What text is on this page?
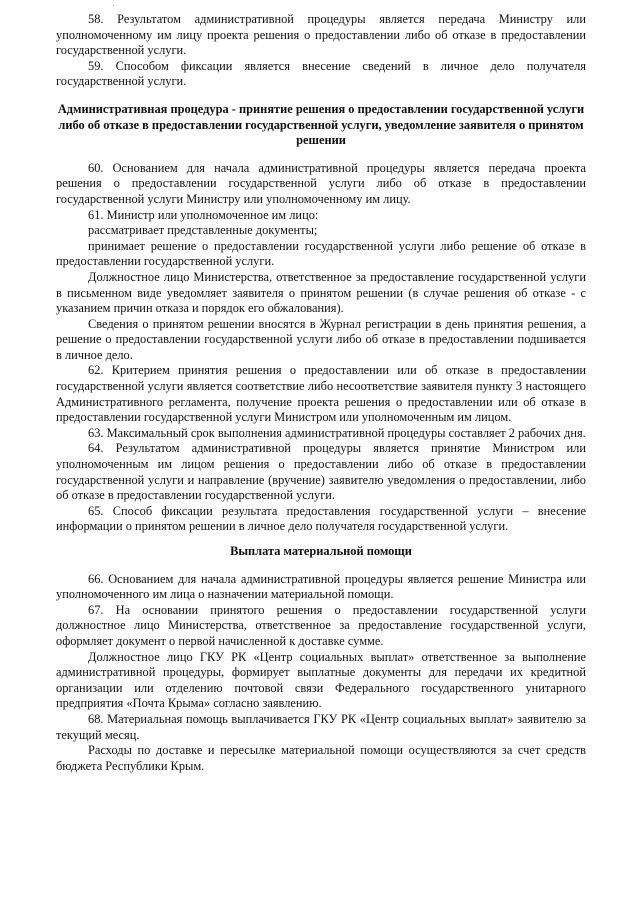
58. Результатом административной процедуры является передача Министру или уполномоченному им лицу проекта решения о предоставлении либо об отказе в предоставлении государственной услуги.

59. Способом фиксации является внесение сведений в личное дело получателя государственной услуги.

Административная процедура - принятие решения о предоставлении государственной услуги либо об отказе в предоставлении государственной услуги, уведомление заявителя о принятом решении

60. Основанием для начала административной процедуры является передача проекта решения о предоставлении государственной услуги либо об отказе в предоставлении государственной услуги Министру или уполномоченному им лицу.

61. Министр или уполномоченное им лицо:

рассматривает представленные документы;

принимает решение о предоставлении государственной услуги либо решение об отказе в предоставлении государственной услуги.

Должностное лицо Министерства, ответственное за предоставление государственной услуги в письменном виде уведомляет заявителя о принятом решении (в случае решения об отказе - с указанием причин отказа и порядок его обжалования).

Сведения о принятом решении вносятся в Журнал регистрации в день принятия решения, а решение о предоставлении государственной услуги либо об отказе в предоставлении подшивается в личное дело.

62. Критерием принятия решения о предоставлении или об отказе в предоставлении государственной услуги является соответствие либо несоответствие заявителя пункту 3 настоящего Административного регламента, получение проекта решения о предоставлении или об отказе в предоставлении государственной услуги Министром или уполномоченным им лицом.

63. Максимальный срок выполнения административной процедуры составляет 2 рабочих дня.

64. Результатом административной процедуры является принятие Министром или уполномоченным им лицом решения о предоставлении либо об отказе в предоставлении государственной услуги и направление (вручение) заявителю уведомления о предоставлении, либо об отказе в предоставлении государственной услуги.

65. Способ фиксации результата предоставления государственной услуги – внесение информации о принятом решении в личное дело получателя государственной услуги.

Выплата материальной помощи

66. Основанием для начала административной процедуры является решение Министра или уполномоченного им лица о назначении материальной помощи.

67. На основании принятого решения о предоставлении государственной услуги должностное лицо Министерства, ответственное за предоставление государственной услуги, оформляет документ о первой начисленной к доставке сумме.

Должностное лицо ГКУ РК «Центр социальных выплат» ответственное за выполнение административной процедуры, формирует выплатные документы для передачи их кредитной организации или отделению почтовой связи Федерального государственного унитарного предприятия «Почта Крыма» согласно заявлению.

68. Материальная помощь выплачивается ГКУ РК «Центр социальных выплат» заявителю за текущий месяц.

Расходы по доставке и пересылке материальной помощи осуществляются за счет средств бюджета Республики Крым.
